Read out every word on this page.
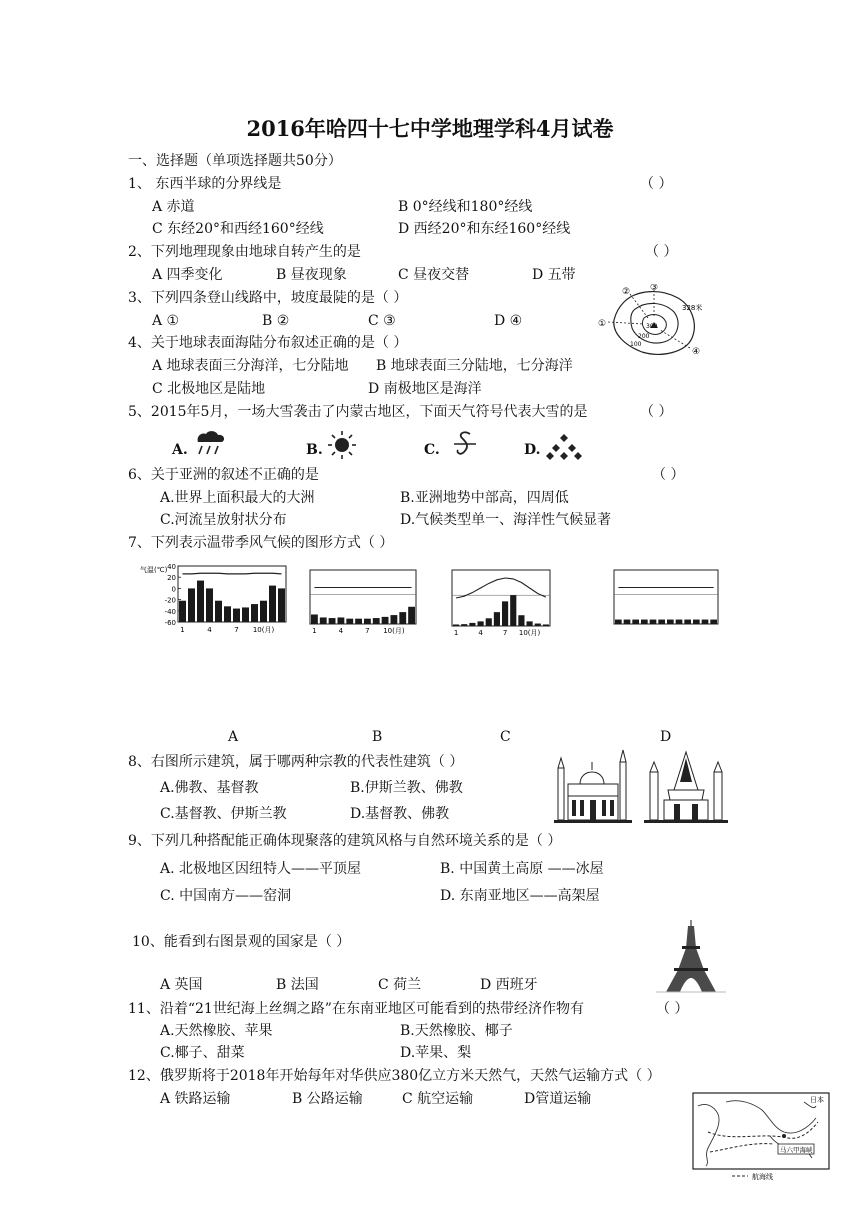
2016年哈四十七中学地理学科4月试卷
一、选择题（单项选择题共50分）
1、 东西半球的分界线是	（ ）
A 赤道	B 0°经线和180°经线
C 东经20°和西经160°经线	D 西经20°和东经160°经线
2、下列地理现象由地球自转产生的是	（ ）
A 四季变化	B 昼夜现象	C 昼夜交替	D 五带
3、下列四条登山线路中，坡度最陡的是（ ）
A ①	B ②	C ③	D ④	①
② ③
④
328米
300
200
100
4、关于地球表面海陆分布叙述正确的是（ ）
A 地球表面三分海洋，七分陆地 B 地球表面三分陆地，七分海洋
C 北极地区是陆地	D 南极地区是海洋
5、2015年5月，一场大雪袭击了内蒙古地区，下面天气符号代表大雪的是	（ ）
A.	B.	C.	D.
6、关于亚洲的叙述不正确的是	（ ）
A.世界上面积最大的大洲	B.亚洲地势中部高，四周低
C.河流呈放射状分布	D.气候类型单一、海洋性气候显著
7、下列表示温带季风气候的图形方式（ ）
气温(℃) 40
20
0
-20
-40
-60
1	4	7 10(月)	1	4	7 10(月)	1	4	7 10(月)
A	B	C	D
8、右图所示建筑，属于哪两种宗教的代表性建筑（ ）
A.佛教、基督教	B.伊斯兰教、佛教
C.基督教、伊斯兰教	D.基督教、佛教
9、下列几种搭配能正确体现聚落的建筑风格与自然环境关系的是（ ）
A. 北极地区因纽特人——平顶屋	B. 中国黄土高原 ——冰屋
C. 中国南方——窑洞	D. 东南亚地区——高架屋
10、能看到右图景观的国家是（ ）
A 英国	B 法国	C 荷兰	D 西班牙
11、沿着“21世纪海上丝绸之路”在东南亚地区可能看到的热带经济作物有	（ ）
A.天然橡胶、苹果	B.天然橡胶、椰子
C.椰子、甜菜	D.苹果、梨
12、俄罗斯将于2018年开始每年对华供应380亿立方米天然气，天然气运输方式（ ）
A 铁路运输	B 公路运输	C 航空运输	D管道运输	日本
马六甲海峡
航海线
